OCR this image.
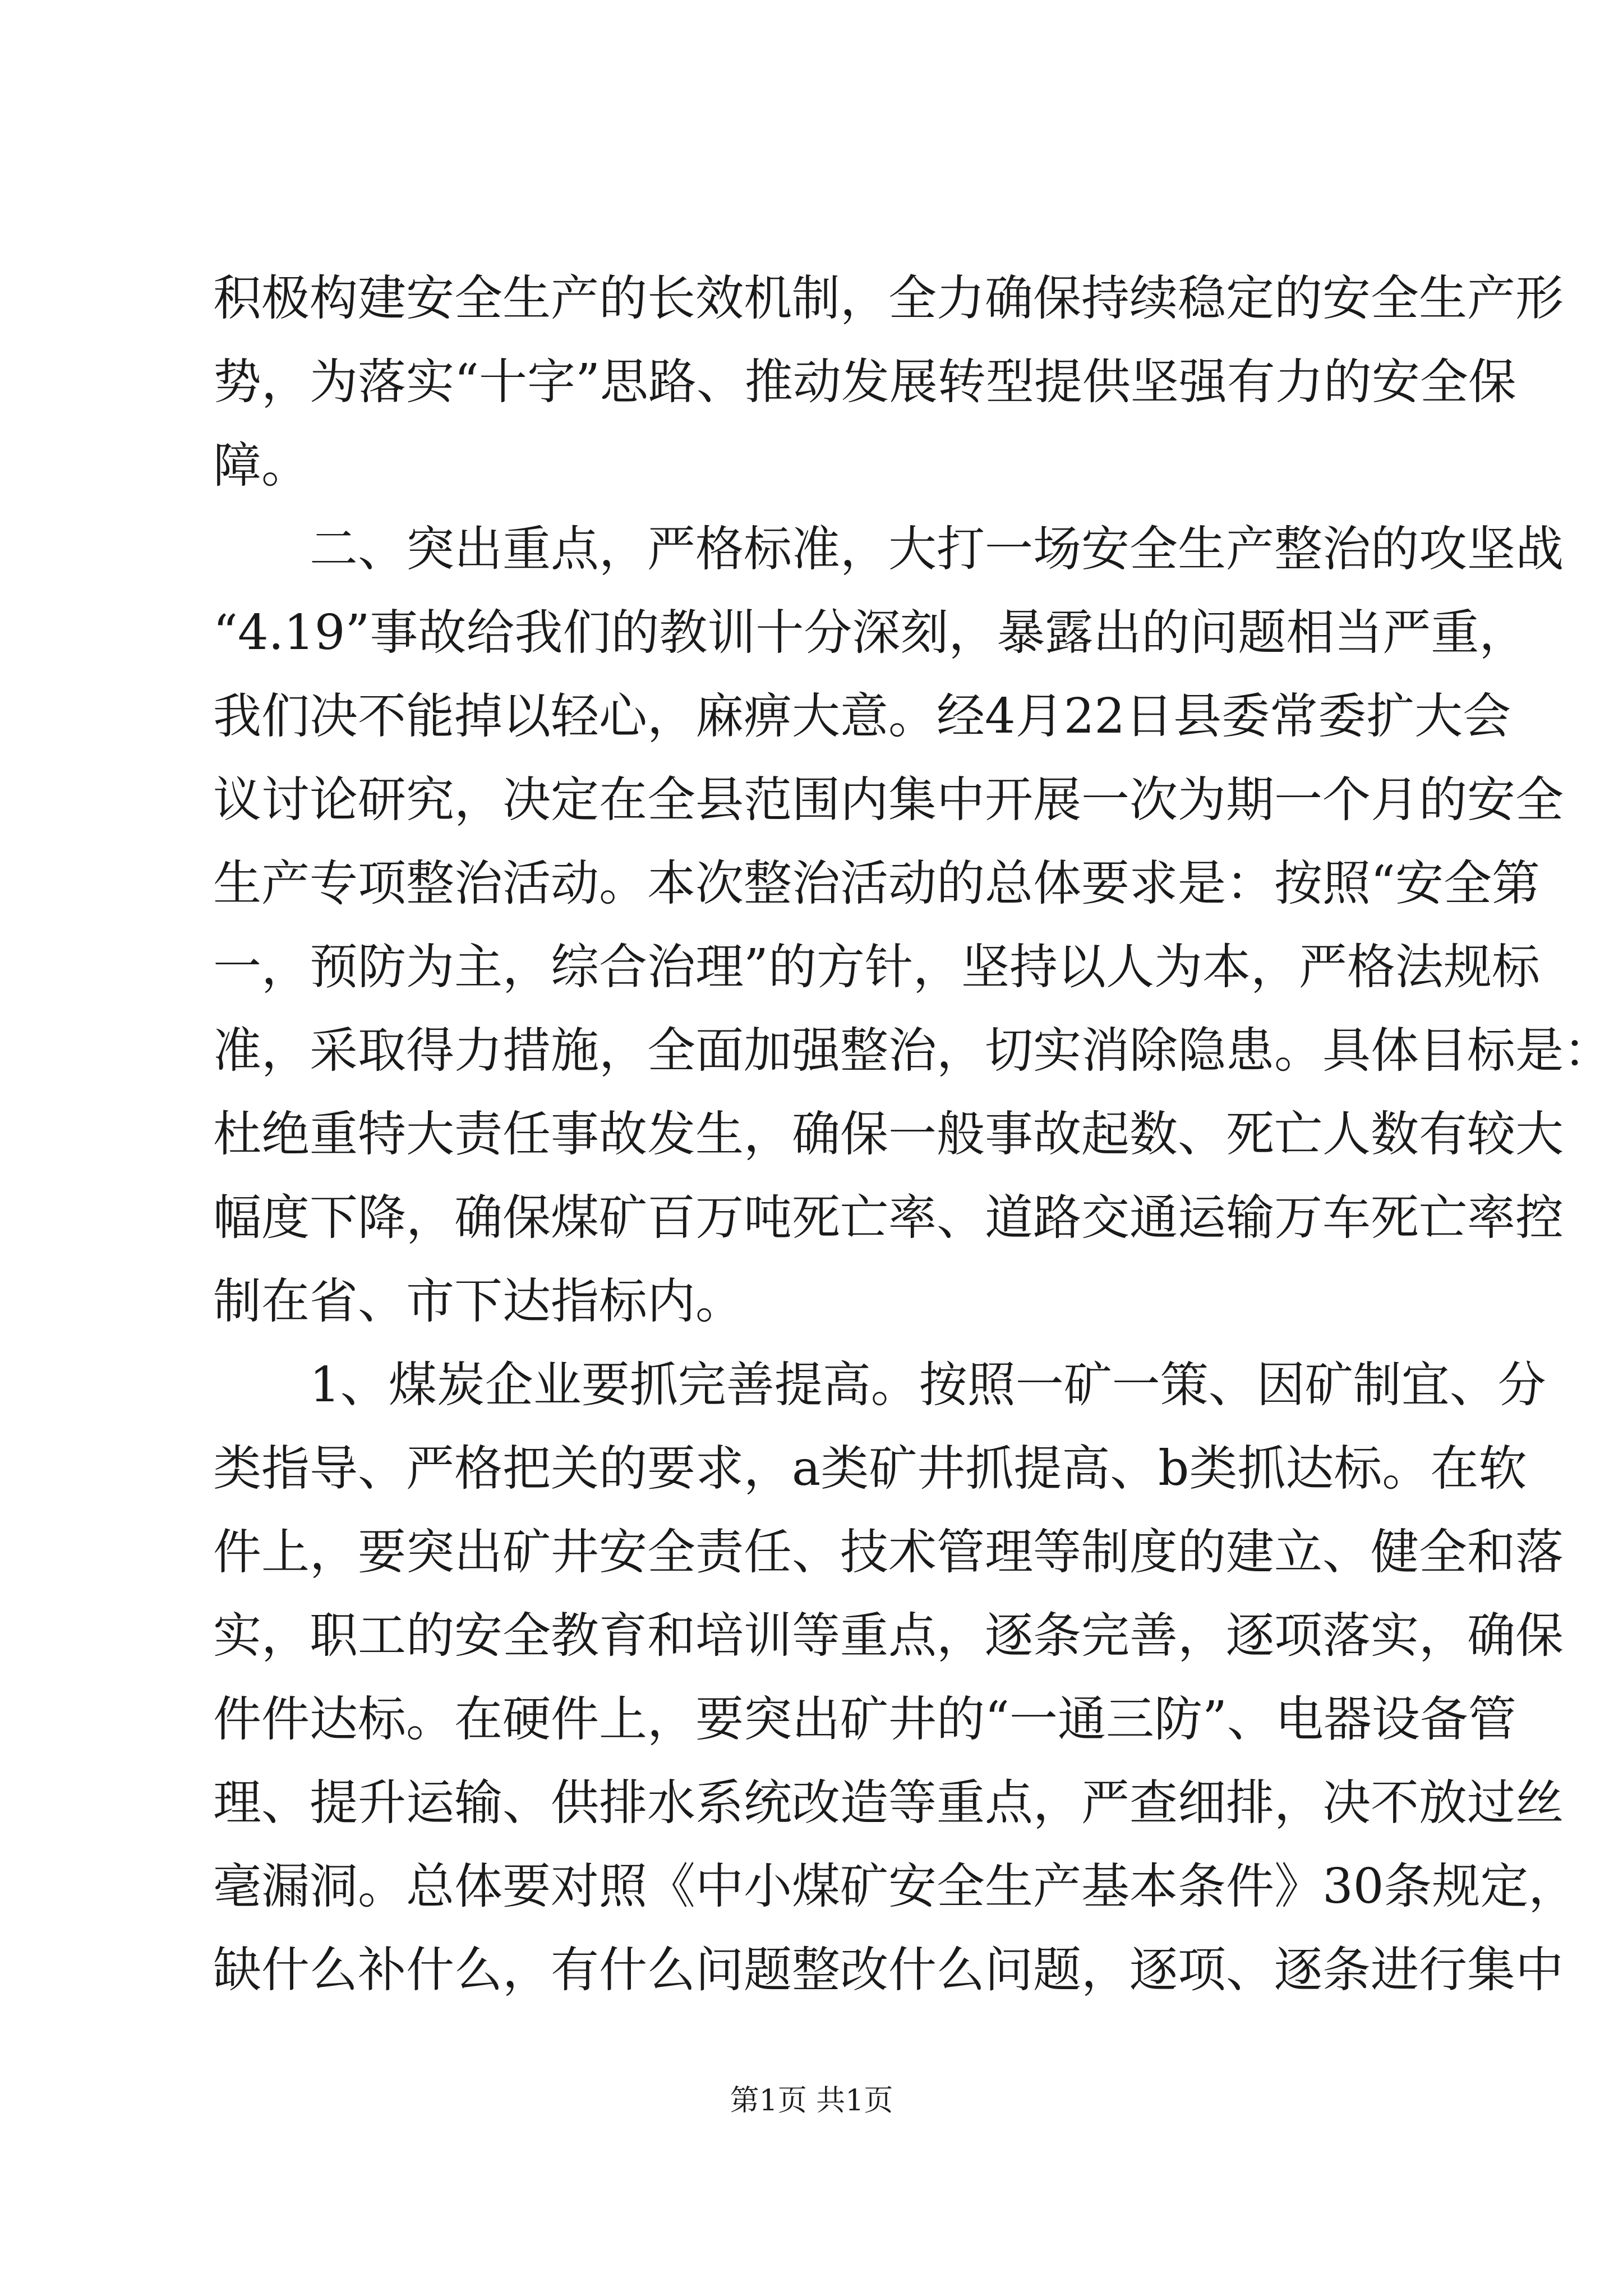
积极构建安全生产的长效机制，全力确保持续稳定的安全生产形
势，为落实“十字”思路、推动发展转型提供坚强有力的安全保
障。
二、突出重点，严格标准，大打一场安全生产整治的攻坚战
“4.19”事故给我们的教训十分深刻，暴露出的问题相当严重，
我们决不能掉以轻心，麻痹大意。经4月22日县委常委扩大会
议讨论研究，决定在全县范围内集中开展一次为期一个月的安全
生产专项整治活动。本次整治活动的总体要求是：按照“安全第
一，预防为主，综合治理”的方针，坚持以人为本，严格法规标
准，采取得力措施，全面加强整治，切实消除隐患。具体目标是：
杜绝重特大责任事故发生，确保一般事故起数、死亡人数有较大
幅度下降，确保煤矿百万吨死亡率、道路交通运输万车死亡率控
制在省、市下达指标内。
1、煤炭企业要抓完善提高。按照一矿一策、因矿制宜、分
类指导、严格把关的要求，a类矿井抓提高、b类抓达标。在软
件上，要突出矿井安全责任、技术管理等制度的建立、健全和落
实，职工的安全教育和培训等重点，逐条完善，逐项落实，确保
件件达标。在硬件上，要突出矿井的“一通三防”、电器设备管
理、提升运输、供排水系统改造等重点，严查细排，决不放过丝
毫漏洞。总体要对照《中小煤矿安全生产基本条件》30条规定，
缺什么补什么，有什么问题整改什么问题，逐项、逐条进行集中
第1页 共1页
